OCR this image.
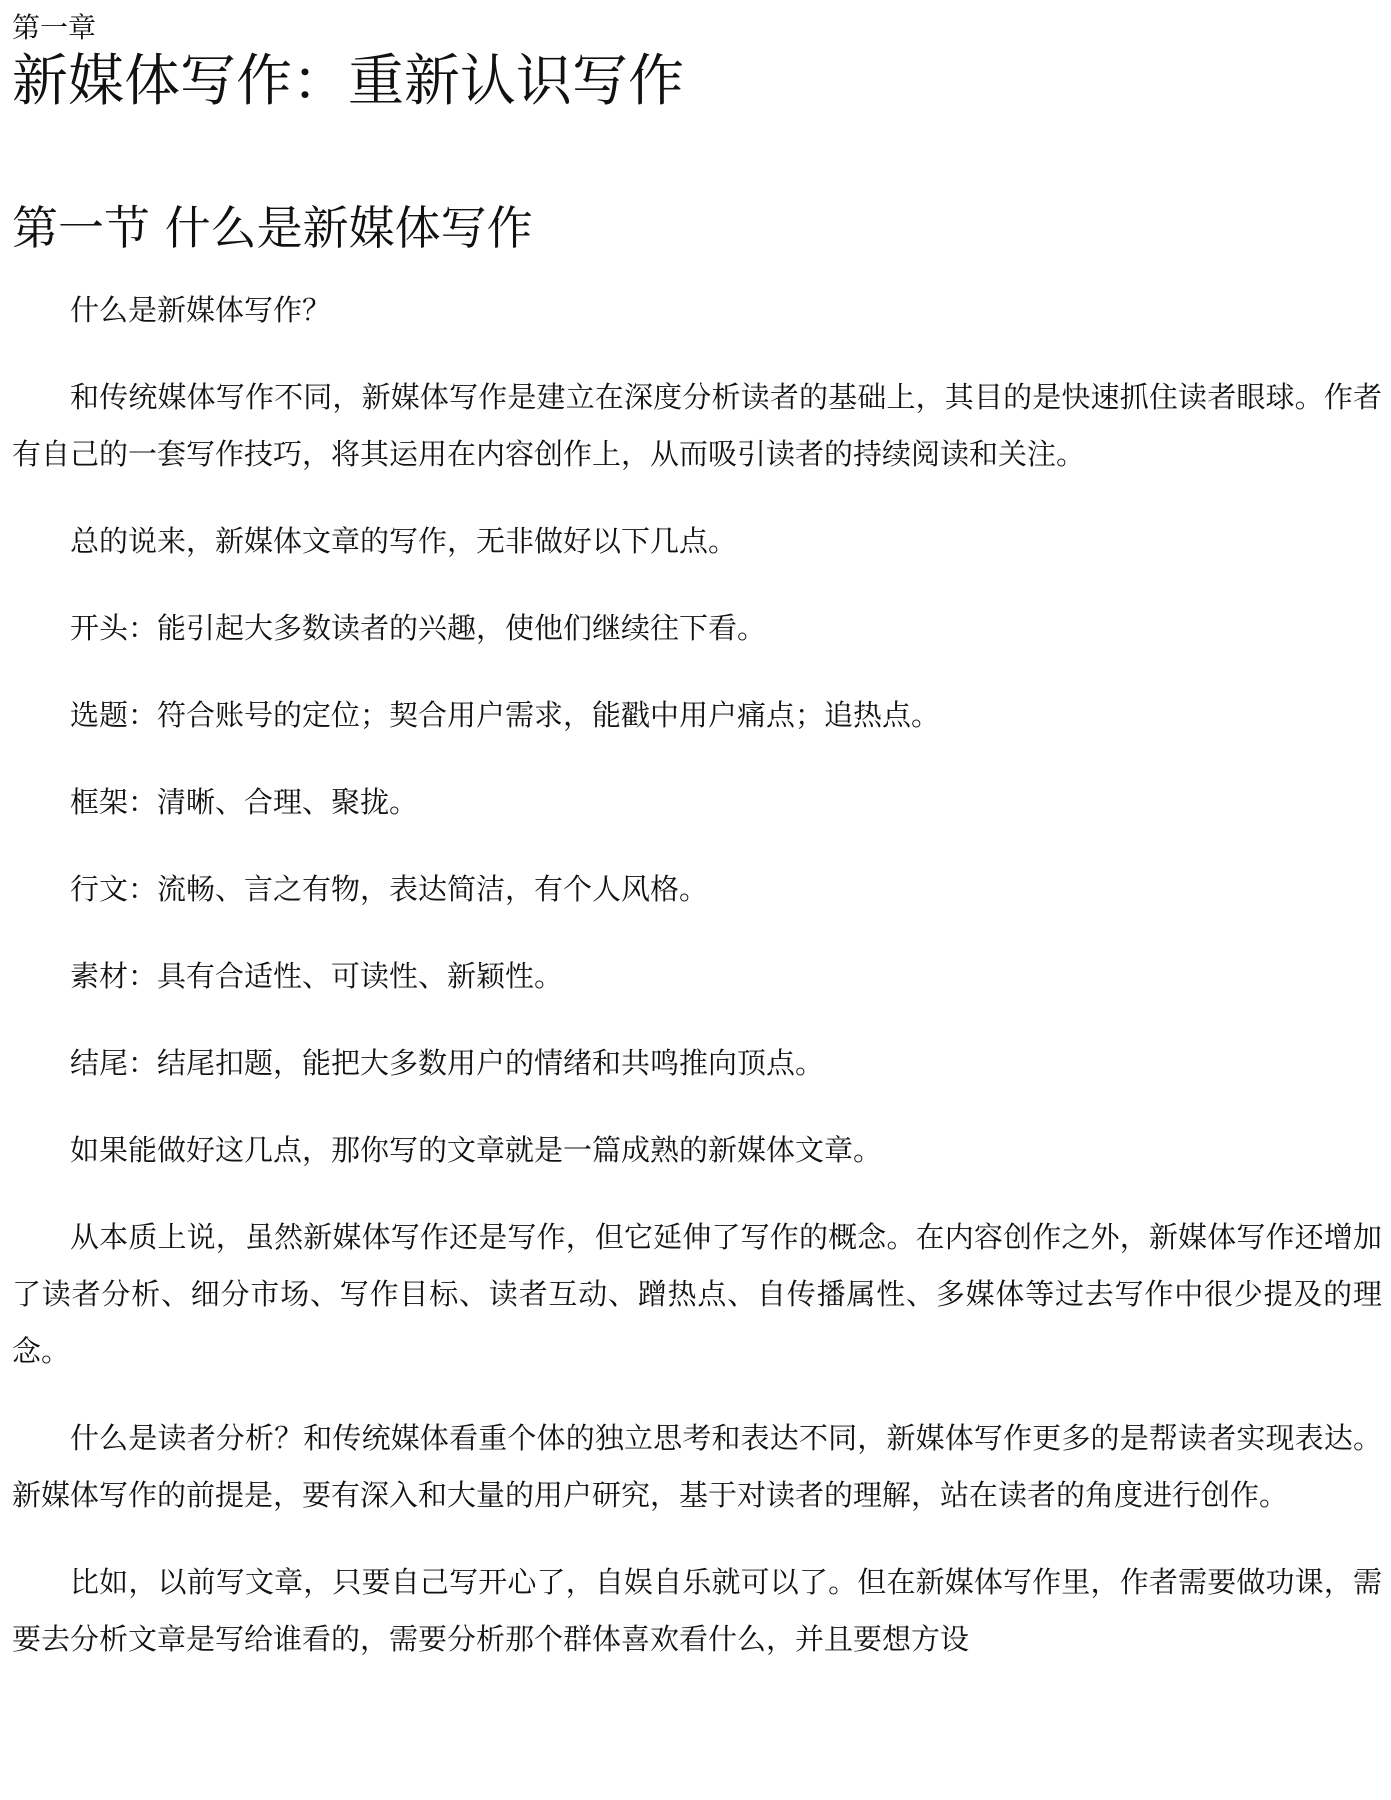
第一章
新媒体写作：重新认识写作
第一节 什么是新媒体写作

什么是新媒体写作？

和传统媒体写作不同，新媒体写作是建立在深度分析读者的基础上，其目的是快速抓住读者眼球。作者有自己的一套写作技巧，将其运用在内容创作上，从而吸引读者的持续阅读和关注。

总的说来，新媒体文章的写作，无非做好以下几点。

开头：能引起大多数读者的兴趣，使他们继续往下看。

选题：符合账号的定位；契合用户需求，能戳中用户痛点；追热点。

框架：清晰、合理、聚拢。

行文：流畅、言之有物，表达简洁，有个人风格。

素材：具有合适性、可读性、新颖性。

结尾：结尾扣题，能把大多数用户的情绪和共鸣推向顶点。

如果能做好这几点，那你写的文章就是一篇成熟的新媒体文章。

从本质上说，虽然新媒体写作还是写作，但它延伸了写作的概念。在内容创作之外，新媒体写作还增加了读者分析、细分市场、写作目标、读者互动、蹭热点、自传播属性、多媒体等过去写作中很少提及的理念。

什么是读者分析？和传统媒体看重个体的独立思考和表达不同，新媒体写作更多的是帮读者实现表达。新媒体写作的前提是，要有深入和大量的用户研究，基于对读者的理解，站在读者的角度进行创作。

比如，以前写文章，只要自己写开心了，自娱自乐就可以了。但在新媒体写作里，作者需要做功课，需要去分析文章是写给谁看的，需要分析那个群体喜欢看什么，并且要想方设
